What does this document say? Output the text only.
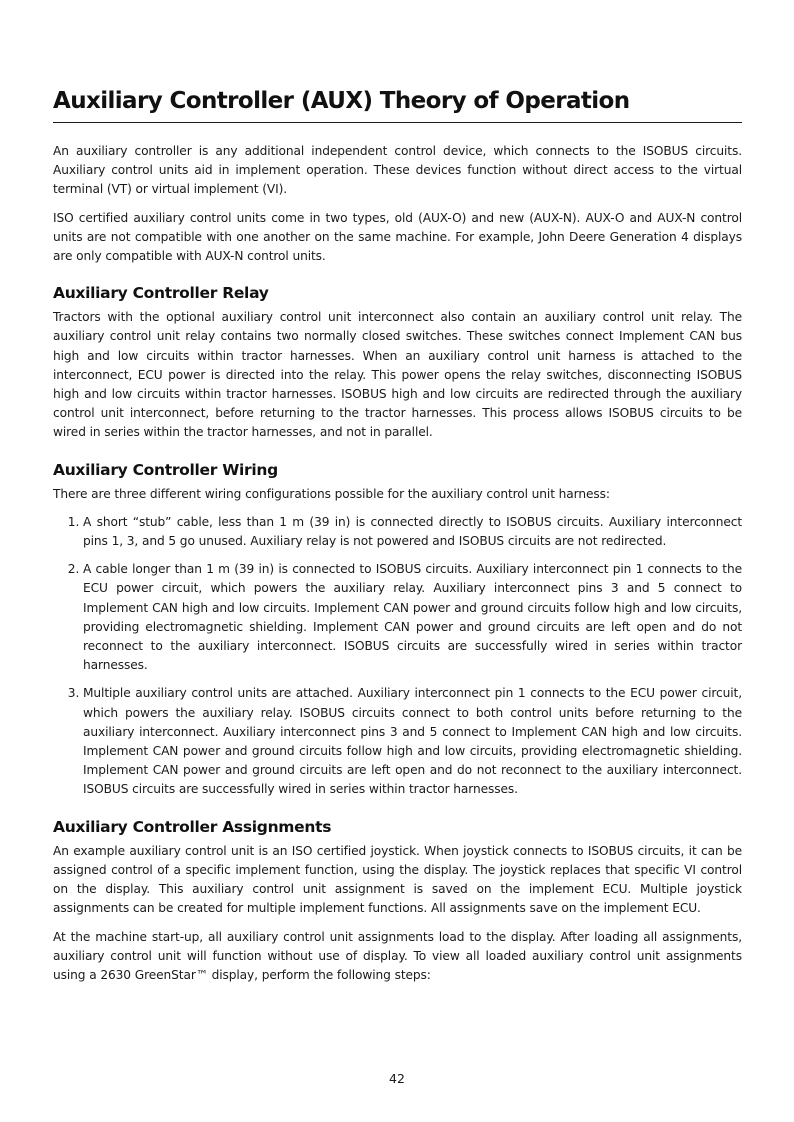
Auxiliary Controller (AUX) Theory of Operation

An auxiliary controller is any additional independent control device, which connects to the ISOBUS circuits. Auxiliary control units aid in implement operation. These devices function without direct access to the virtual terminal (VT) or virtual implement (VI).

ISO certified auxiliary control units come in two types, old (AUX-O) and new (AUX-N). AUX-O and AUX-N control units are not compatible with one another on the same machine. For example, John Deere Generation 4 displays are only compatible with AUX-N control units.

Auxiliary Controller Relay

Tractors with the optional auxiliary control unit interconnect also contain an auxiliary control unit relay. The auxiliary control unit relay contains two normally closed switches. These switches connect Implement CAN bus high and low circuits within tractor harnesses. When an auxiliary control unit harness is attached to the interconnect, ECU power is directed into the relay. This power opens the relay switches, disconnecting ISOBUS high and low circuits within tractor harnesses. ISOBUS high and low circuits are redirected through the auxiliary control unit interconnect, before returning to the tractor harnesses. This process allows ISOBUS circuits to be wired in series within the tractor harnesses, and not in parallel.

Auxiliary Controller Wiring

There are three different wiring configurations possible for the auxiliary control unit harness:

1. A short “stub” cable, less than 1 m (39 in) is connected directly to ISOBUS circuits. Auxiliary interconnect pins 1, 3, and 5 go unused. Auxiliary relay is not powered and ISOBUS circuits are not redirected.
2. A cable longer than 1 m (39 in) is connected to ISOBUS circuits. Auxiliary interconnect pin 1 connects to the ECU power circuit, which powers the auxiliary relay. Auxiliary interconnect pins 3 and 5 connect to Implement CAN high and low circuits. Implement CAN power and ground circuits follow high and low circuits, providing electromagnetic shielding. Implement CAN power and ground circuits are left open and do not reconnect to the auxiliary interconnect. ISOBUS circuits are successfully wired in series within tractor harnesses.
3. Multiple auxiliary control units are attached. Auxiliary interconnect pin 1 connects to the ECU power circuit, which powers the auxiliary relay. ISOBUS circuits connect to both control units before returning to the auxiliary interconnect. Auxiliary interconnect pins 3 and 5 connect to Implement CAN high and low circuits. Implement CAN power and ground circuits follow high and low circuits, providing electromagnetic shielding. Implement CAN power and ground circuits are left open and do not reconnect to the auxiliary interconnect. ISOBUS circuits are successfully wired in series within tractor harnesses.
Auxiliary Controller Assignments

An example auxiliary control unit is an ISO certified joystick. When joystick connects to ISOBUS circuits, it can be assigned control of a specific implement function, using the display. The joystick replaces that specific VI control on the display. This auxiliary control unit assignment is saved on the implement ECU. Multiple joystick assignments can be created for multiple implement functions. All assignments save on the implement ECU.

At the machine start-up, all auxiliary control unit assignments load to the display. After loading all assignments, auxiliary control unit will function without use of display. To view all loaded auxiliary control unit assignments using a 2630 GreenStar™ display, perform the following steps:

42
